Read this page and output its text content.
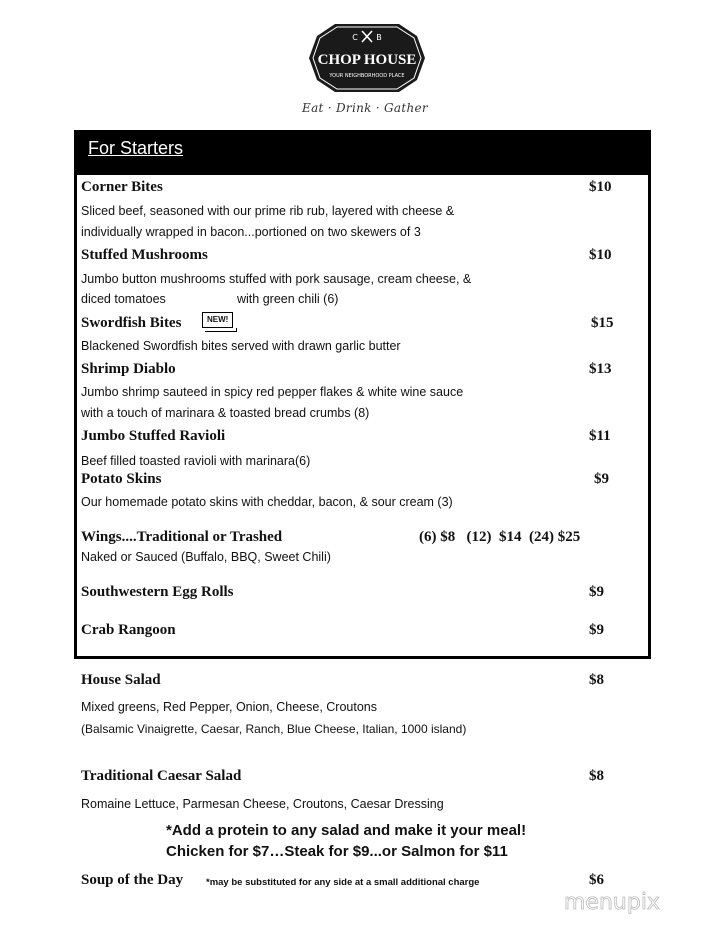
C B
CHOP HOUSE
YOUR NEIGHBORHOOD PLACE
Eat · Drink · Gather
For Starters
Corner Bites	$10
Sliced beef, seasoned with our prime rib rub, layered with cheese &
individually wrapped in bacon...portioned on two skewers of 3
Stuffed Mushrooms	$10
Jumbo button mushrooms stuffed with pork sausage, cream cheese, &
diced tomatoes	with green chili (6)
Swordfish Bites	NEW!	$15
Blackened Swordfish bites served with drawn garlic butter
Shrimp Diablo	$13
Jumbo shrimp sauteed in spicy red pepper flakes & white wine sauce
with a touch of marinara & toasted bread crumbs (8)
Jumbo Stuffed Ravioli	$11
Beef filled toasted ravioli with marinara(6)
Potato Skins	$9
Our homemade potato skins with cheddar, bacon, & sour cream (3)
Wings....Traditional or Trashed	(6) $8   (12)  $14  (24) $25
Naked or Sauced (Buffalo, BBQ, Sweet Chili)
Southwestern Egg Rolls	$9
Crab Rangoon	$9
House Salad	$8
Mixed greens, Red Pepper, Onion, Cheese, Croutons
(Balsamic Vinaigrette, Caesar, Ranch, Blue Cheese, Italian, 1000 island)
Traditional Caesar Salad	$8
Romaine Lettuce, Parmesan Cheese, Croutons, Caesar Dressing
*Add a protein to any salad and make it your meal!
Chicken for $7…Steak for $9...or Salmon for $11
Soup of the Day *may be substituted for any side at a small additional charge	$6
menupix
